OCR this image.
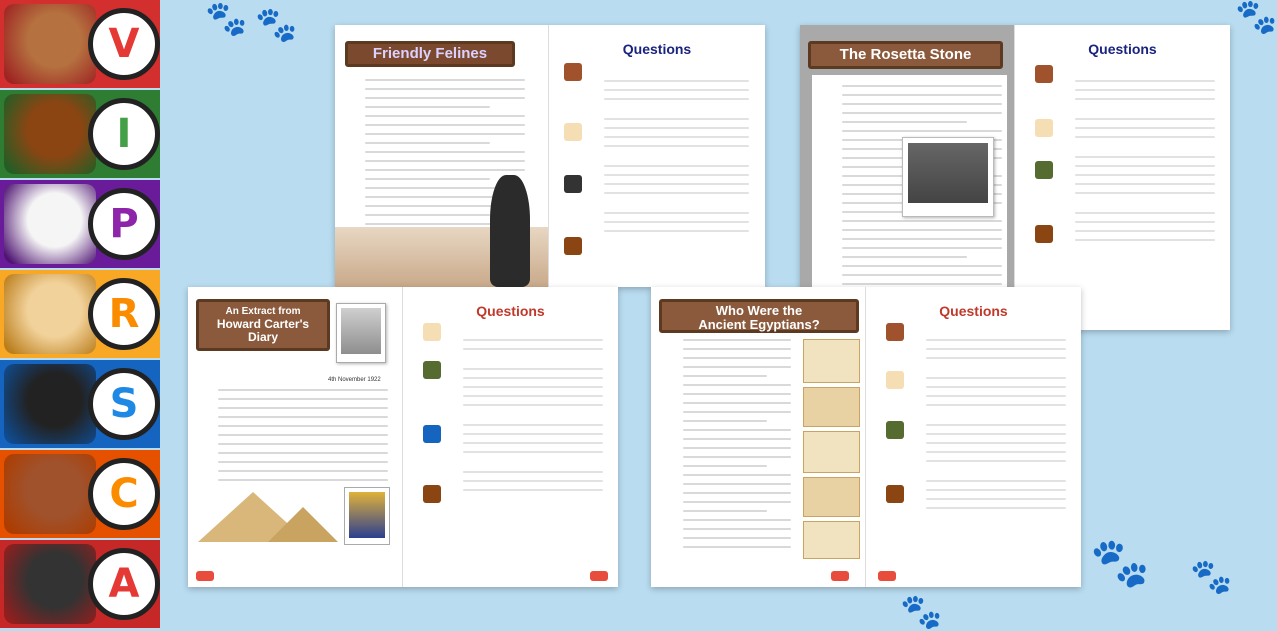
🐾 🐾
🐾 🐾
🐾
🐾
V
I
P
R
S
C
A
Friendly Felines	Questions	The Rosetta Stone	Questions
An Extract from
Howard Carter's
Diary
4th November 1922

Questions	Who Were the
Ancient Egyptians?
Questions
